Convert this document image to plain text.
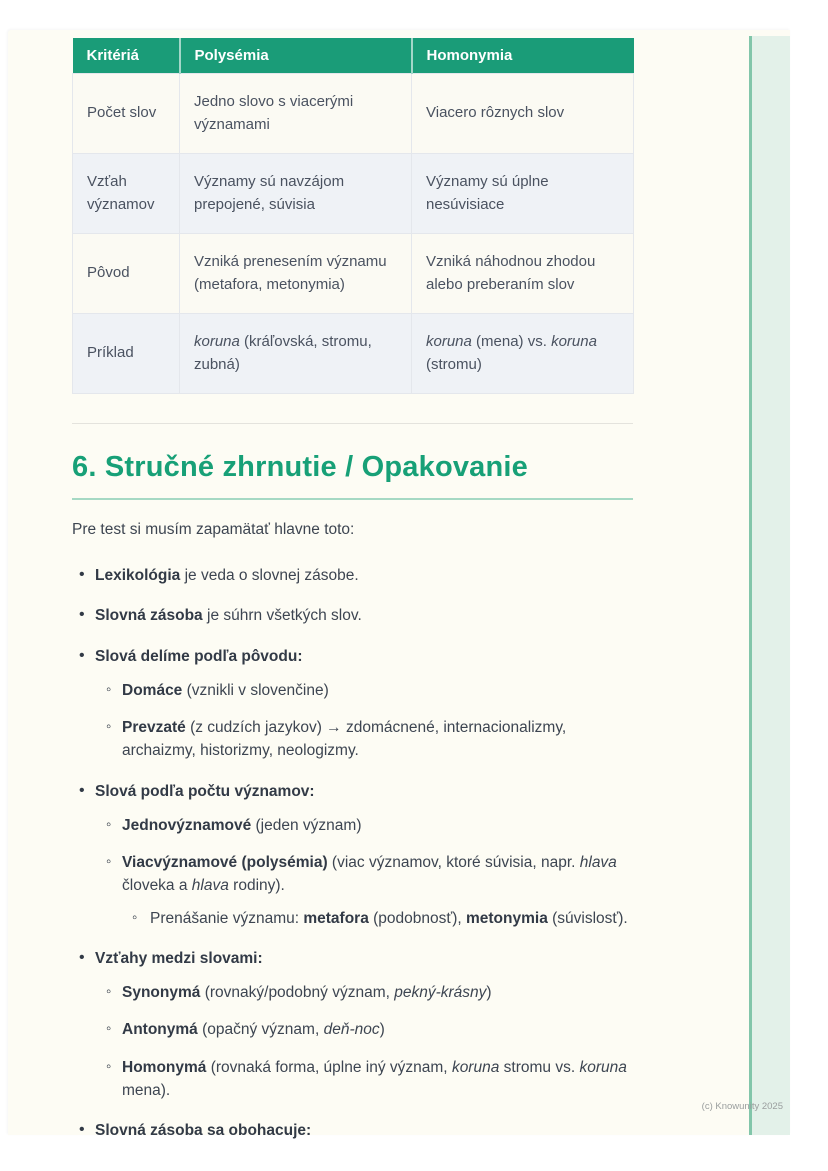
Kritériá	Polysémia	Homonymia
Počet slov	Jedno slovo s viacerými významami	Viacero rôznych slov
Vzťah významov	Významy sú navzájom prepojené, súvisia	Významy sú úplne nesúvisiace
Pôvod	Vzniká prenesením významu (metafora, metonymia)	Vzniká náhodnou zhodou alebo preberaním slov
Príklad	koruna (kráľovská, stromu, zubná)	koruna (mena) vs. koruna (stromu)
6. Stručné zhrnutie / Opakovanie

Pre test si musím zapamätať hlavne toto:

• Lexikológia je veda o slovnej zásobe.
• Slovná zásoba je súhrn všetkých slov.
• Slová delíme podľa pôvodu:
◦ Domáce (vznikli v slovenčine)
◦ Prevzaté (z cudzích jazykov) → zdomácnené, internacionalizmy, archaizmy, historizmy, neologizmy.
• Slová podľa počtu významov:
◦ Jednovýznamové (jeden význam)
◦ Viacvýznamové (polysémia) (viac významov, ktoré súvisia, napr. hlava človeka a hlava rodiny).
◦ Prenášanie významu: metafora (podobnosť), metonymia (súvislosť).
• Vzťahy medzi slovami:
◦ Synonymá (rovnaký/podobný význam, pekný-krásny)
◦ Antonymá (opačný význam, deň-noc)
◦ Homonymá (rovnaká forma, úplne iný význam, koruna stromu vs. koruna mena).
• Slovná zásoba sa obohacuje:
(c) Knowunity 2025
